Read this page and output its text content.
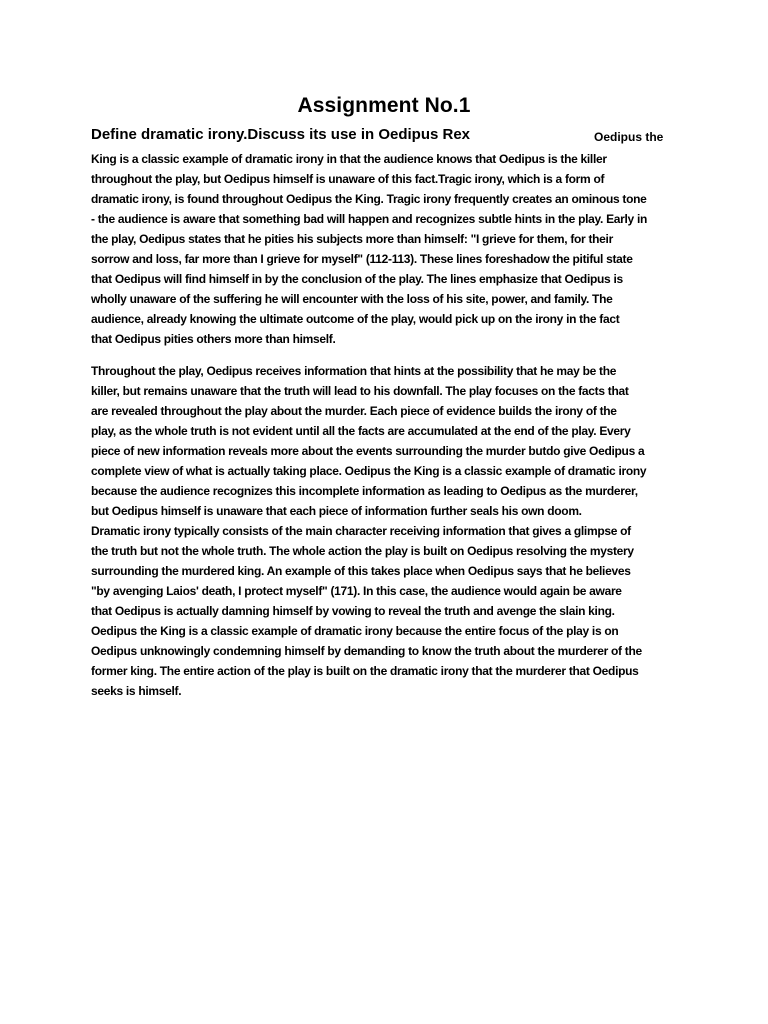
Assignment No.1
Define dramatic irony.Discuss its use in Oedipus Rex	Oedipus the

King is a classic example of dramatic irony in that the audience knows that Oedipus is the killer
throughout the play, but Oedipus himself is unaware of this fact.Tragic irony, which is a form of
dramatic irony, is found throughout Oedipus the King. Tragic irony frequently creates an ominous tone
- the audience is aware that something bad will happen and recognizes subtle hints in the play. Early in
the play, Oedipus states that he pities his subjects more than himself: "I grieve for them, for their
sorrow and loss, far more than I grieve for myself" (112-113). These lines foreshadow the pitiful state
that Oedipus will find himself in by the conclusion of the play. The lines emphasize that Oedipus is
wholly unaware of the suffering he will encounter with the loss of his site, power, and family. The
audience, already knowing the ultimate outcome of the play, would pick up on the irony in the fact
that Oedipus pities others more than himself.

Throughout the play, Oedipus receives information that hints at the possibility that he may be the
killer, but remains unaware that the truth will lead to his downfall. The play focuses on the facts that
are revealed throughout the play about the murder. Each piece of evidence builds the irony of the
play, as the whole truth is not evident until all the facts are accumulated at the end of the play. Every
piece of new information reveals more about the events surrounding the murder butdo give Oedipus a
complete view of what is actually taking place. Oedipus the King is a classic example of dramatic irony
because the audience recognizes this incomplete information as leading to Oedipus as the murderer,
but Oedipus himself is unaware that each piece of information further seals his own doom.
Dramatic irony typically consists of the main character receiving information that gives a glimpse of
the truth but not the whole truth. The whole action the play is built on Oedipus resolving the mystery
surrounding the murdered king. An example of this takes place when Oedipus says that he believes
"by avenging Laios' death, I protect myself" (171). In this case, the audience would again be aware
that Oedipus is actually damning himself by vowing to reveal the truth and avenge the slain king.
Oedipus the King is a classic example of dramatic irony because the entire focus of the play is on
Oedipus unknowingly condemning himself by demanding to know the truth about the murderer of the
former king. The entire action of the play is built on the dramatic irony that the murderer that Oedipus
seeks is himself.
